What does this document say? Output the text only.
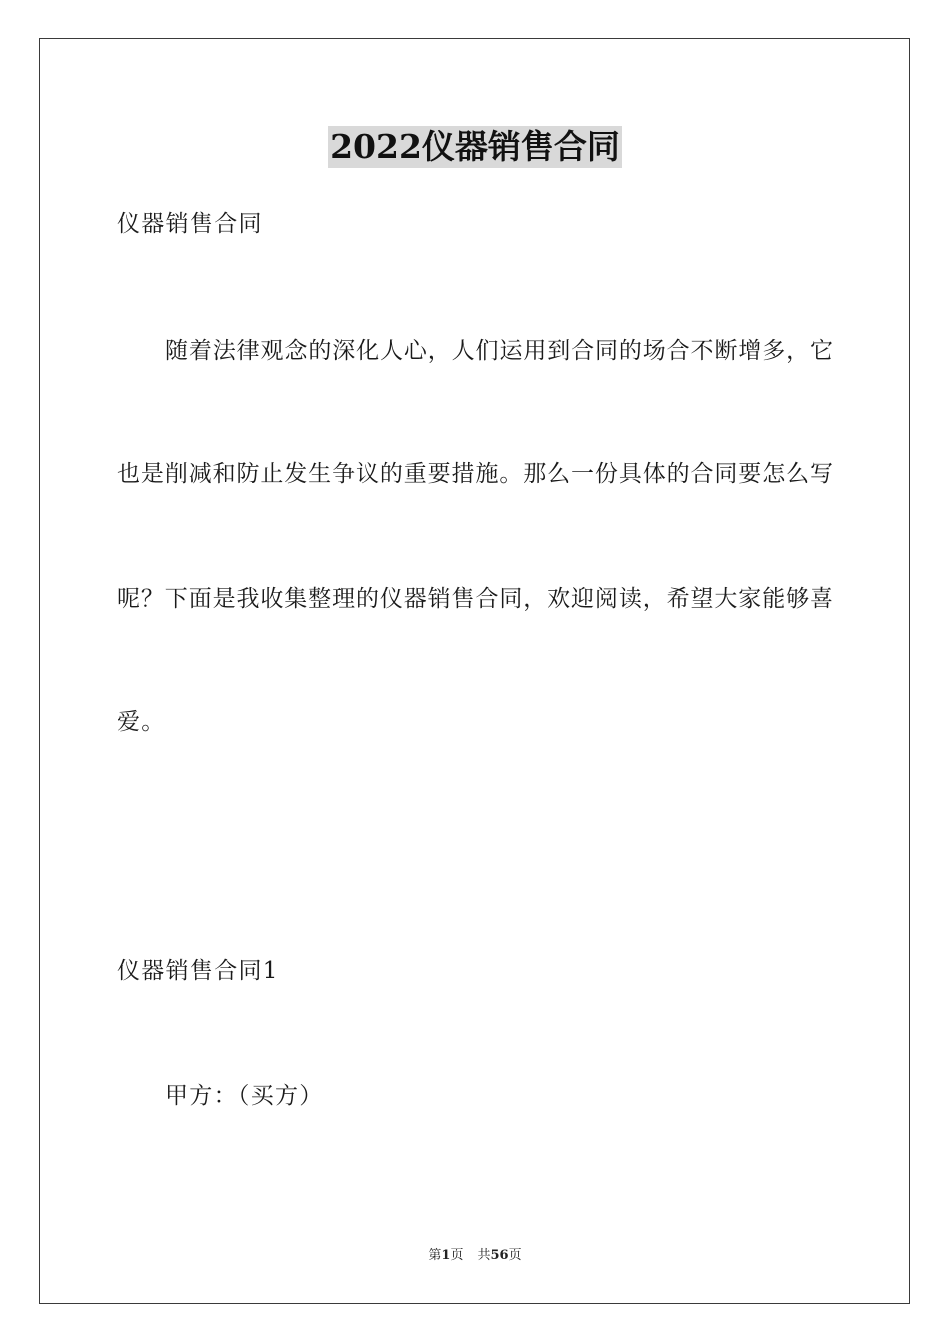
2022仪器销售合同
仪器销售合同
随着法律观念的深化人心，人们运用到合同的场合不断增多，它
也是削减和防止发生争议的重要措施。那么一份具体的合同要怎么写
呢？下面是我收集整理的仪器销售合同，欢迎阅读，希望大家能够喜
爱。
仪器销售合同1
甲方：（买方）
第1页 共56页
